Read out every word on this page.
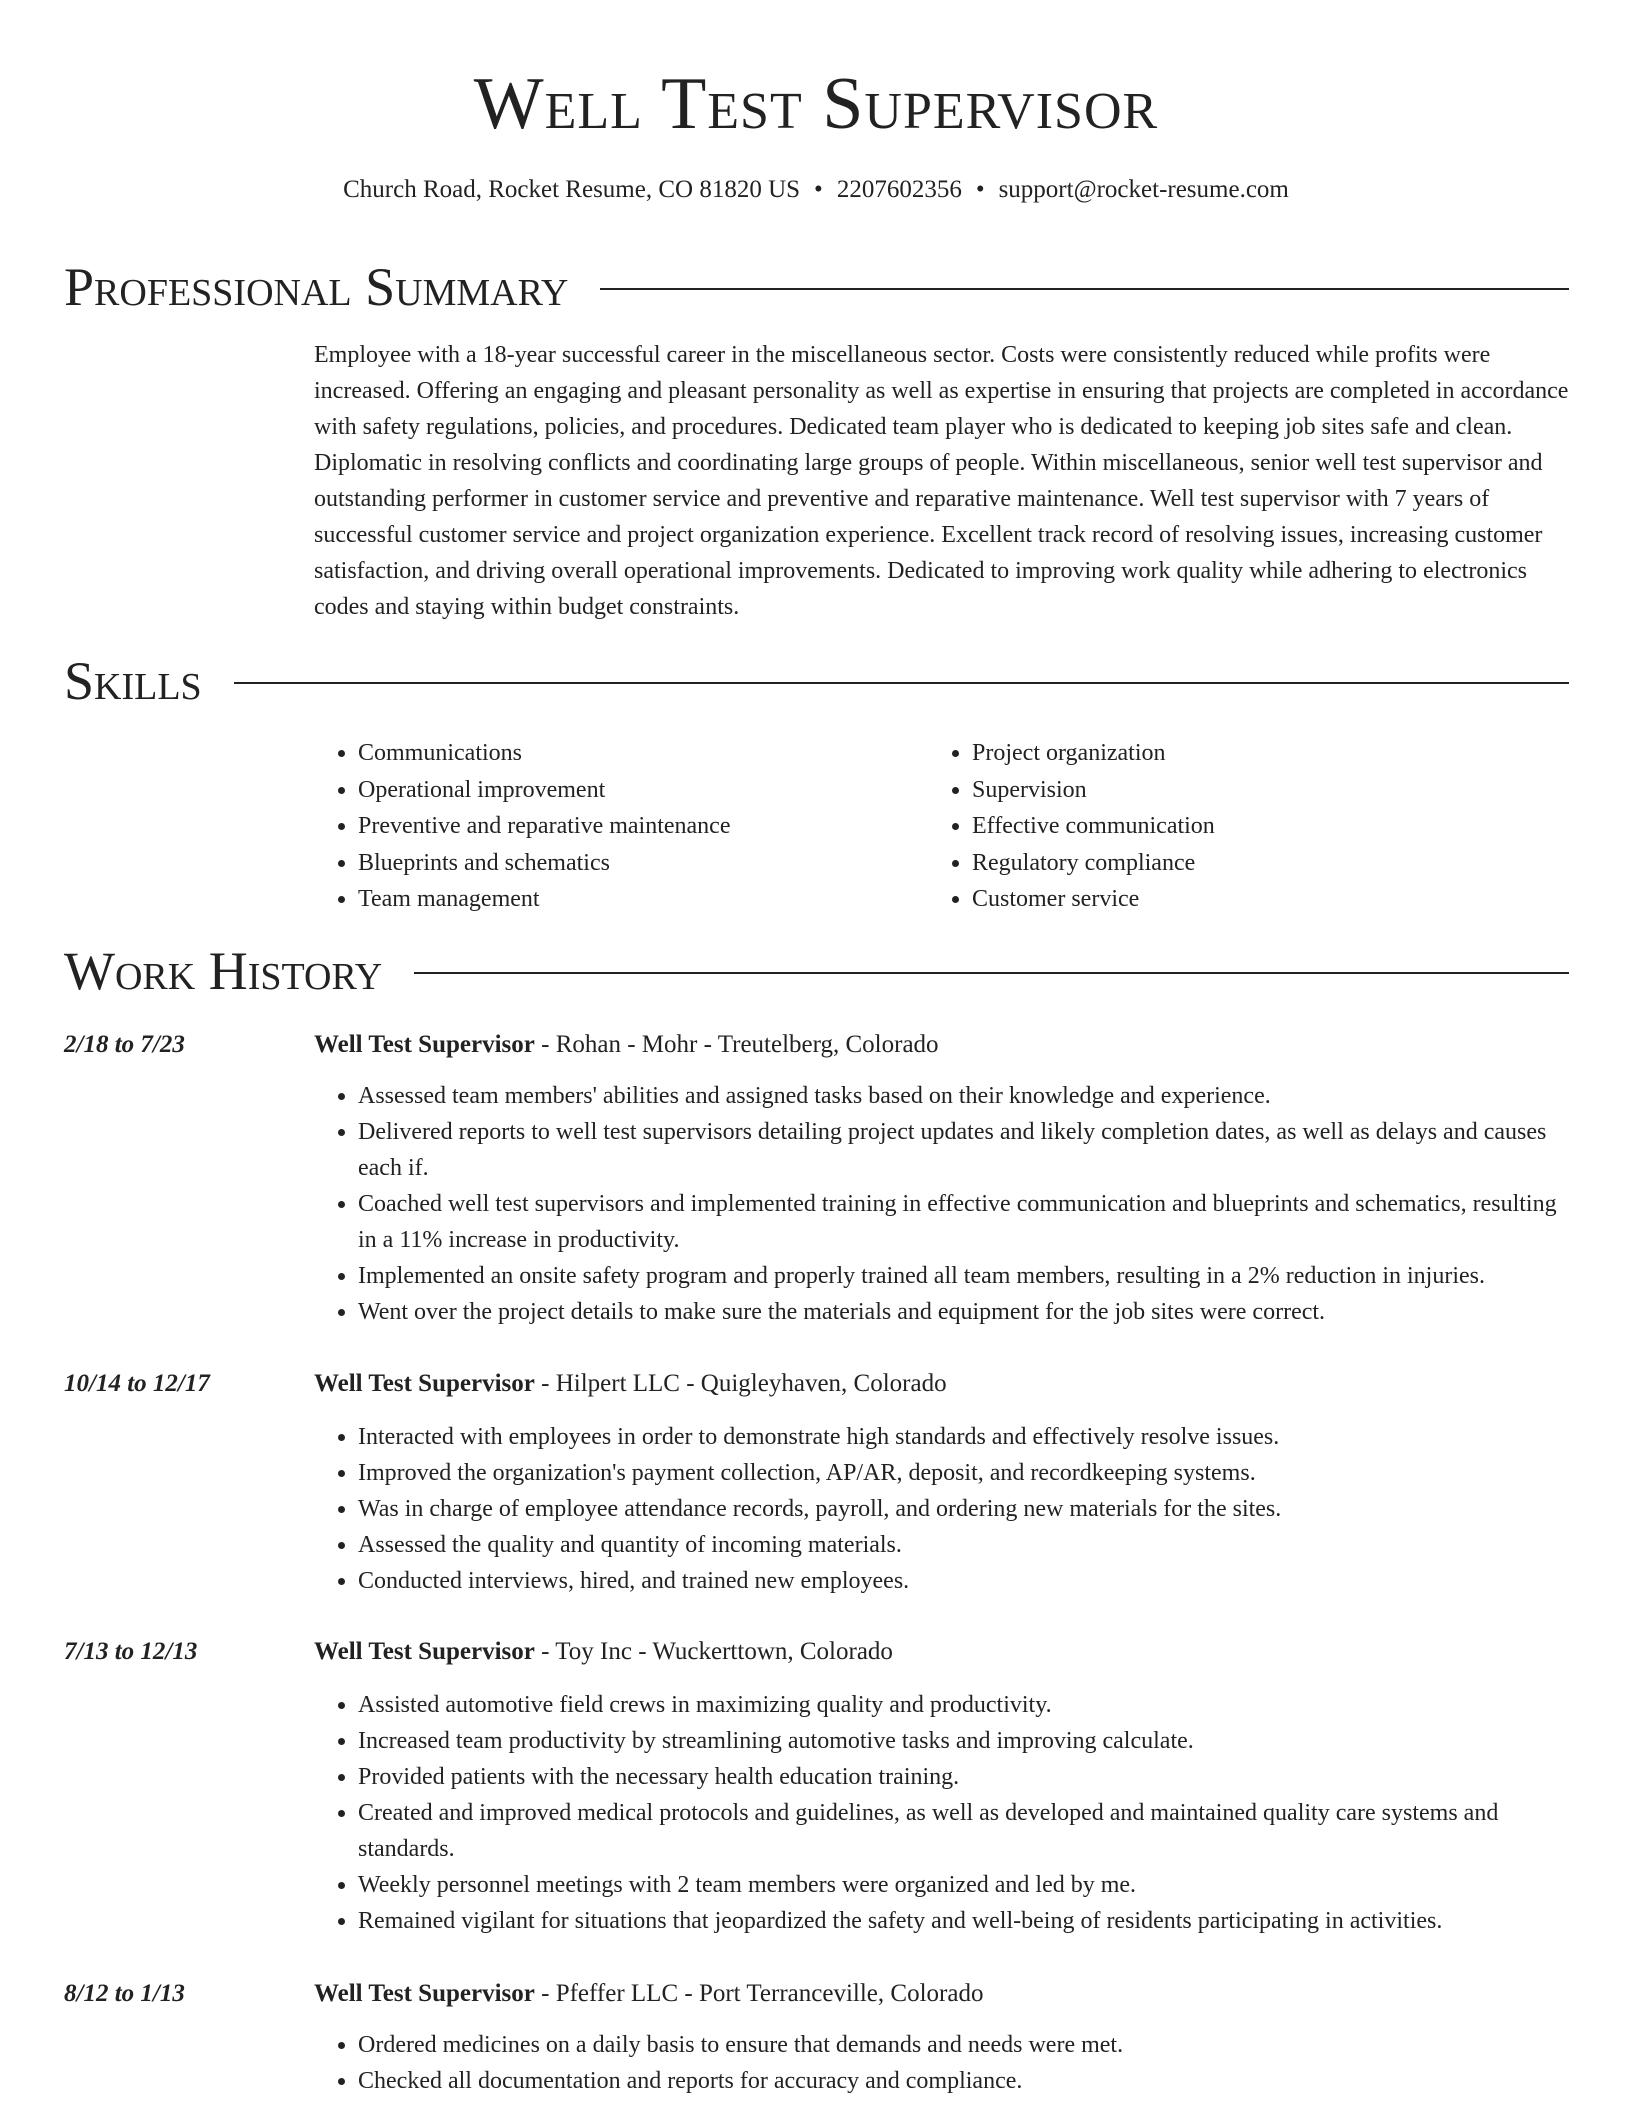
Well Test Supervisor
Church Road, Rocket Resume, CO 81820 US • 2207602356 • support@rocket-resume.com
Professional Summary
Employee with a 18-year successful career in the miscellaneous sector. Costs were consistently reduced while profits were increased. Offering an engaging and pleasant personality as well as expertise in ensuring that projects are completed in accordance with safety regulations, policies, and procedures. Dedicated team player who is dedicated to keeping job sites safe and clean. Diplomatic in resolving conflicts and coordinating large groups of people. Within miscellaneous, senior well test supervisor and outstanding performer in customer service and preventive and reparative maintenance. Well test supervisor with 7 years of successful customer service and project organization experience. Excellent track record of resolving issues, increasing customer satisfaction, and driving overall operational improvements. Dedicated to improving work quality while adhering to electronics codes and staying within budget constraints.
Skills
• Communications
• Operational improvement
• Preventive and reparative maintenance
• Blueprints and schematics
• Team management
• Project organization
• Supervision
• Effective communication
• Regulatory compliance
• Customer service
Work History
2/18 to 7/23	Well Test Supervisor - Rohan - Mohr - Treutelberg, Colorado
• Assessed team members' abilities and assigned tasks based on their knowledge and experience.
• Delivered reports to well test supervisors detailing project updates and likely completion dates, as well as delays and causes each if.
• Coached well test supervisors and implemented training in effective communication and blueprints and schematics, resulting in a 11% increase in productivity.
• Implemented an onsite safety program and properly trained all team members, resulting in a 2% reduction in injuries.
• Went over the project details to make sure the materials and equipment for the job sites were correct.
10/14 to 12/17	Well Test Supervisor - Hilpert LLC - Quigleyhaven, Colorado
• Interacted with employees in order to demonstrate high standards and effectively resolve issues.
• Improved the organization's payment collection, AP/AR, deposit, and recordkeeping systems.
• Was in charge of employee attendance records, payroll, and ordering new materials for the sites.
• Assessed the quality and quantity of incoming materials.
• Conducted interviews, hired, and trained new employees.
7/13 to 12/13	Well Test Supervisor - Toy Inc - Wuckerttown, Colorado
• Assisted automotive field crews in maximizing quality and productivity.
• Increased team productivity by streamlining automotive tasks and improving calculate.
• Provided patients with the necessary health education training.
• Created and improved medical protocols and guidelines, as well as developed and maintained quality care systems and standards.
• Weekly personnel meetings with 2 team members were organized and led by me.
• Remained vigilant for situations that jeopardized the safety and well-being of residents participating in activities.
8/12 to 1/13	Well Test Supervisor - Pfeffer LLC - Port Terranceville, Colorado
• Ordered medicines on a daily basis to ensure that demands and needs were met.
• Checked all documentation and reports for accuracy and compliance.
